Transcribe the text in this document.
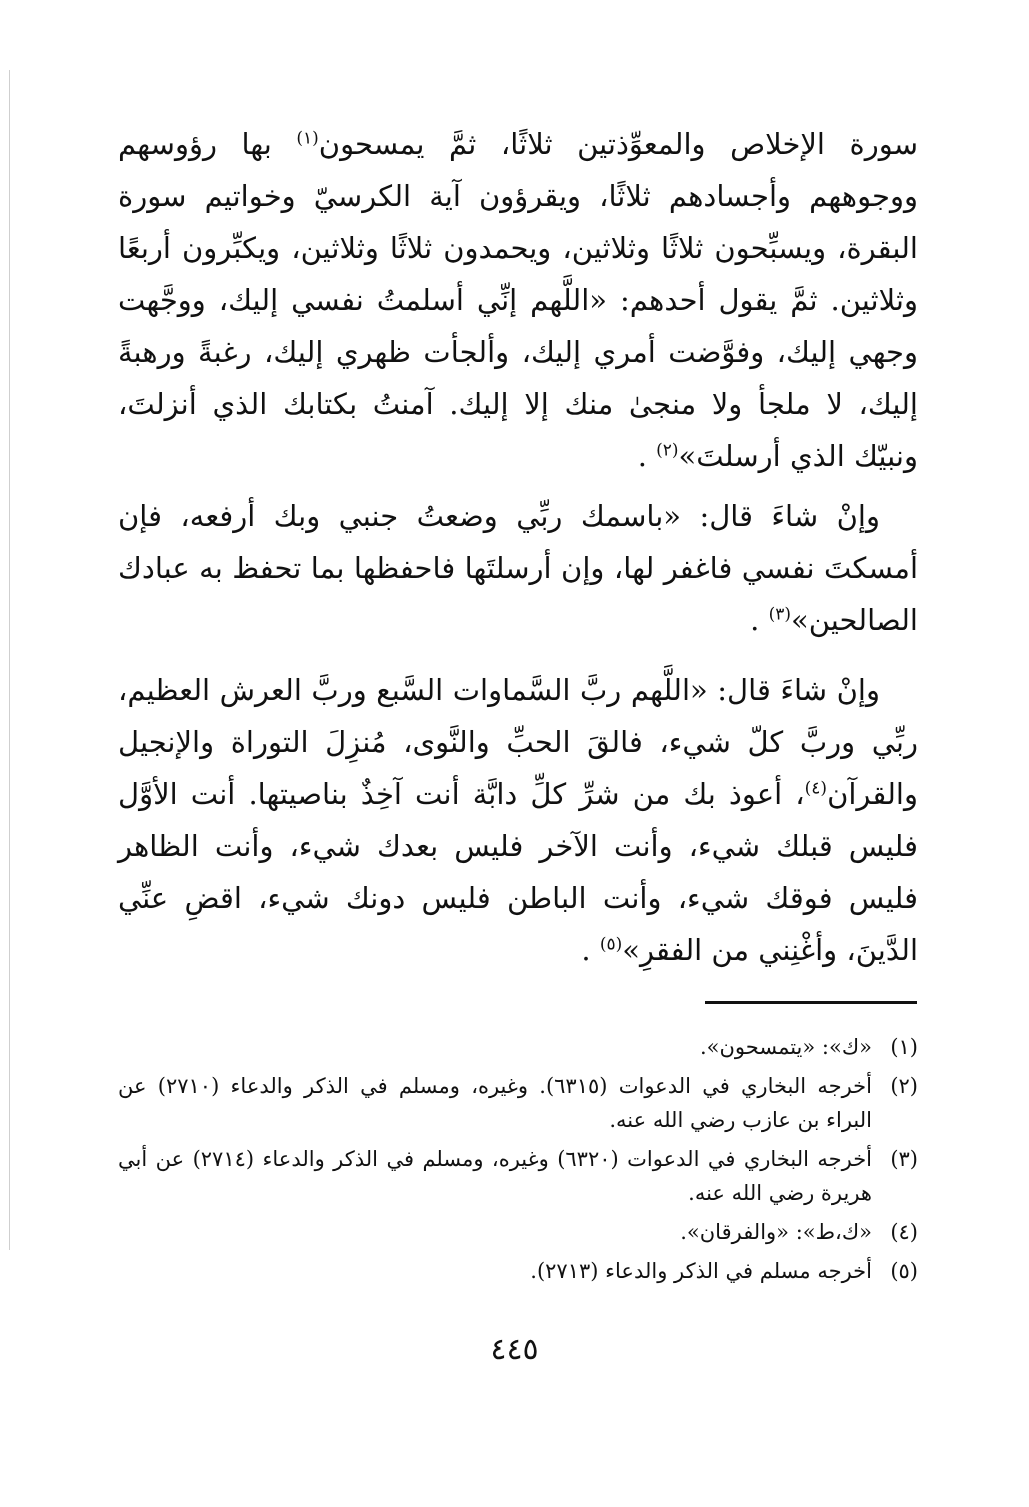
سورة الإخلاص والمعوِّذتين ثلاثًا، ثمَّ يمسحون$^{(١)}$ بها رؤوسهم ووجوههم وأجسادهم ثلاثًا، ويقرؤون آية الكرسيّ وخواتيم سورة البقرة، ويسبِّحون ثلاثًا وثلاثين، ويحمدون ثلاثًا وثلاثين، ويكبِّرون أربعًا وثلاثين. ثمَّ يقول أحدهم: «اللَّهم إنِّي أسلمتُ نفسي إليك، ووجَّهت وجهي إليك، وفوَّضت أمري إليك، وألجأت ظهري إليك، رغبةً ورهبةً إليك، لا ملجأ ولا منجىٰ منك إلا إليك. آمنتُ بكتابك الذي أنزلتَ، ونبيّك الذي أرسلتَ»$^{(٢)}$ .

وإنْ شاءَ قال: «باسمك ربِّي وضعتُ جنبي وبك أرفعه، فإن أمسكتَ نفسي فاغفر لها، وإن أرسلتَها فاحفظها بما تحفظ به عبادك الصالحين»$^{(٣)}$ .

وإنْ شاءَ قال: «اللَّهم ربَّ السَّماوات السَّبع وربَّ العرش العظيم، ربِّي وربَّ كلّ شيء، فالقَ الحبِّ والنَّوى، مُنزِلَ التوراة والإنجيل والقرآن$^{(٤)}$، أعوذ بك من شرِّ كلِّ دابَّة أنت آخِذٌ بناصيتها. أنت الأوَّل فليس قبلك شيء، وأنت الآخر فليس بعدك شيء، وأنت الظاهر فليس فوقك شيء، وأنت الباطن فليس دونك شيء، اقضِ عنِّي الدَّينَ، وأغْنِني من الفقرِ»$^{(٥)}$ .

(١)
«ك»: «يتمسحون».
(٢)
أخرجه البخاري في الدعوات (٦٣١٥). وغيره، ومسلم في الذكر والدعاء (٢٧١٠) عن البراء بن عازب رضي الله عنه.
(٣)
أخرجه البخاري في الدعوات (٦٣٢٠) وغيره، ومسلم في الذكر والدعاء (٢٧١٤) عن أبي هريرة رضي الله عنه.
(٤)
«ك،ط»: «والفرقان».
(٥)
أخرجه مسلم في الذكر والدعاء (٢٧١٣).
٤٤٥
